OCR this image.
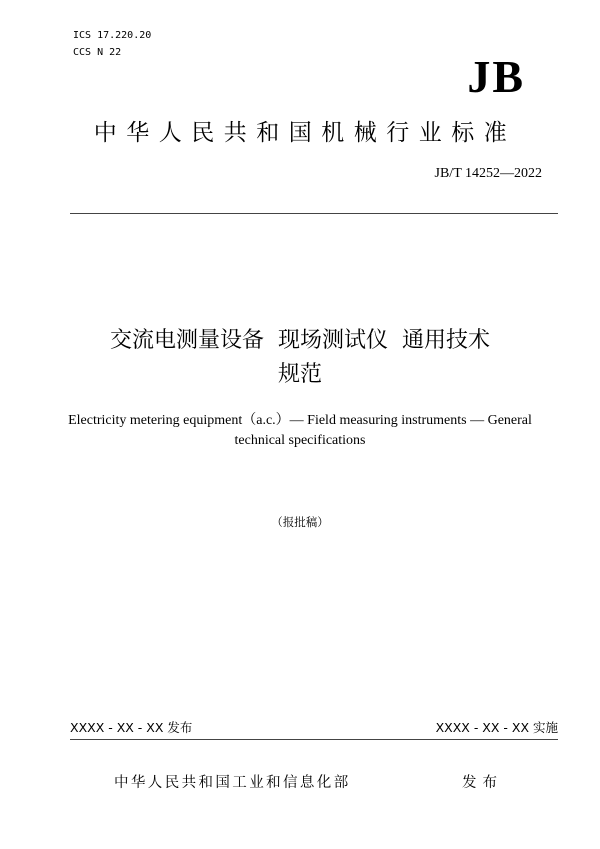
ICS 17.220.20
CCS N 22	JB
中华人民共和国机械行业标准
JB/T 14252—2022
交流电测量设备  现场测试仪  通用技术
规范
Electricity metering equipment（a.c.）— Field measuring instruments — General
technical specifications
（报批稿）
XXXX - XX - XX 发布	XXXX - XX - XX 实施
中华人民共和国工业和信息化部	发布
